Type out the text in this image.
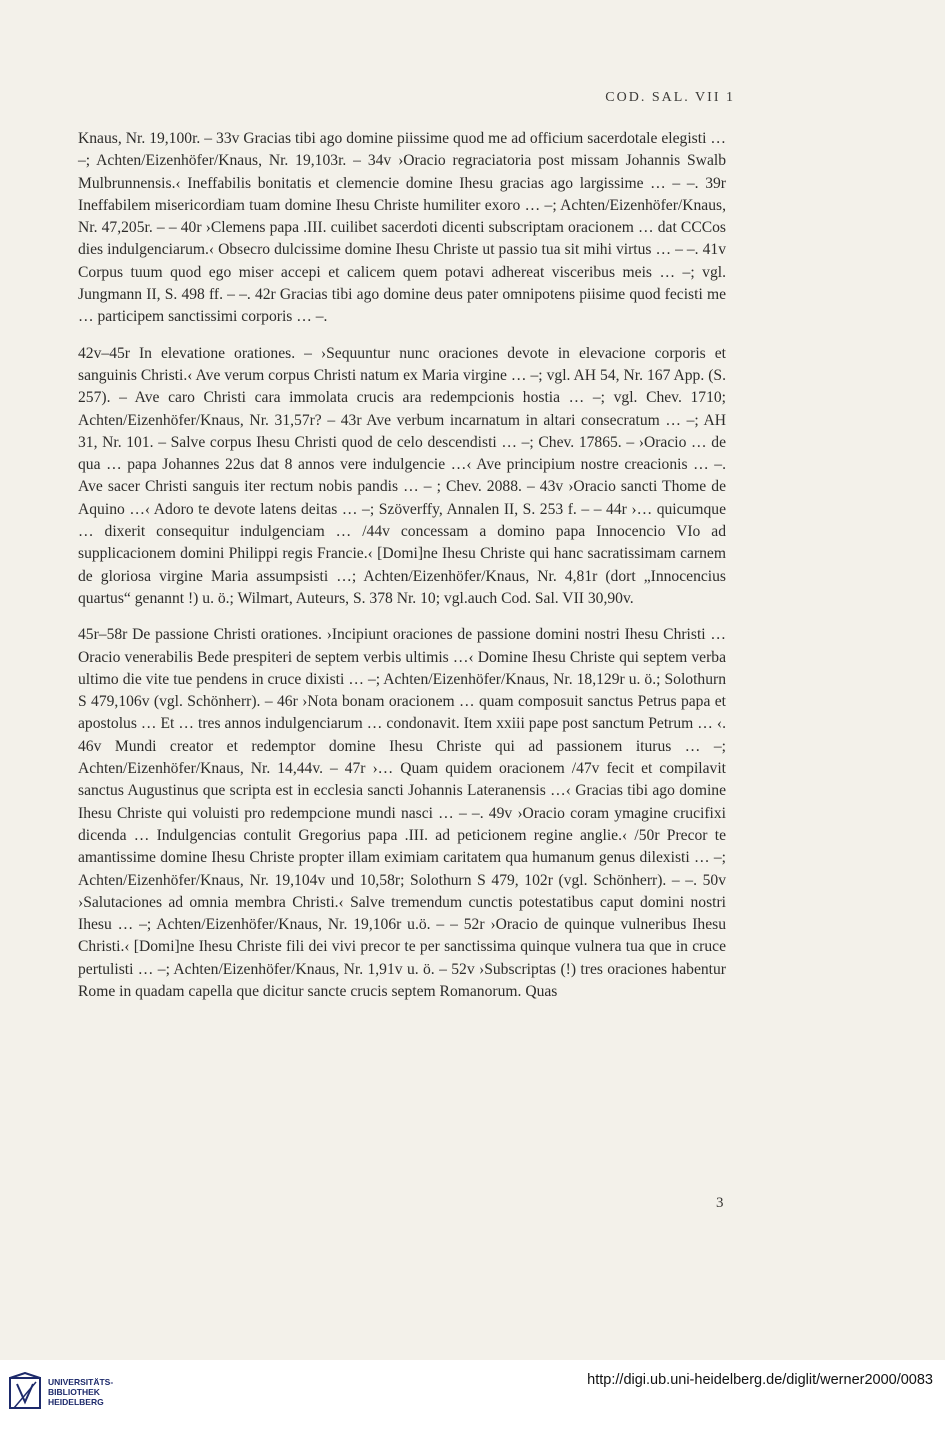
COD. SAL. VII 1

Knaus, Nr. 19,100r. – 33v Gracias tibi ago domine piissime quod me ad officium sacerdotale elegisti … –; Achten/Eizenhöfer/Knaus, Nr. 19,103r. – 34v ›Oracio regraciatoria post missam Johannis Swalb Mulbrunnensis.‹ Ineffabilis bonitatis et clemencie domine Ihesu gracias ago largissime … – –. 39r Ineffabilem misericordiam tuam domine Ihesu Christe humiliter exoro … –; Achten/Eizenhöfer/Knaus, Nr. 47,205r. – – 40r ›Clemens papa .III. cuilibet sacerdoti dicenti subscriptam oracionem … dat CCCos dies indulgenciarum.‹ Obsecro dulcissime domine Ihesu Christe ut passio tua sit mihi virtus … – –. 41v Corpus tuum quod ego miser accepi et calicem quem potavi adhereat visceribus meis … –; vgl. Jungmann II, S. 498 ff. – –. 42r Gracias tibi ago domine deus pater omnipotens piisime quod fecisti me … participem sanctissimi corporis … –.

42v–45r In elevatione orationes. – ›Sequuntur nunc oraciones devote in elevacione corporis et sanguinis Christi.‹ Ave verum corpus Christi natum ex Maria virgine … –; vgl. AH 54, Nr. 167 App. (S. 257). – Ave caro Christi cara immolata crucis ara redempcionis hostia … –; vgl. Chev. 1710; Achten/Eizenhöfer/Knaus, Nr. 31,57r? – 43r Ave verbum incarnatum in altari consecratum … –; AH 31, Nr. 101. – Salve corpus Ihesu Christi quod de celo descendisti … –; Chev. 17865. – ›Oracio … de qua … papa Johannes 22us dat 8 annos vere indulgencie …‹ Ave principium nostre creacionis … –. Ave sacer Christi sanguis iter rectum nobis pandis … – ; Chev. 2088. – 43v ›Oracio sancti Thome de Aquino …‹ Adoro te devote latens deitas … –; Szöverffy, Annalen II, S. 253 f. – – 44r ›… quicumque … dixerit consequitur indulgenciam … /44v concessam a domino papa Innocencio VIo ad supplicacionem domini Philippi regis Francie.‹ [Domi]ne Ihesu Christe qui hanc sacratissimam carnem de gloriosa virgine Maria assumpsisti …; Achten/Eizenhöfer/Knaus, Nr. 4,81r (dort „Innocencius quartus“ genannt !) u. ö.; Wilmart, Auteurs, S. 378 Nr. 10; vgl.auch Cod. Sal. VII 30,90v.

45r–58r De passione Christi orationes. ›Incipiunt oraciones de passione domini nostri Ihesu Christi … Oracio venerabilis Bede prespiteri de septem verbis ultimis …‹ Domine Ihesu Christe qui septem verba ultimo die vite tue pendens in cruce dixisti … –; Achten/Eizenhöfer/Knaus, Nr. 18,129r u. ö.; Solothurn S 479,106v (vgl. Schönherr). – 46r ›Nota bonam oracionem … quam composuit sanctus Petrus papa et apostolus … Et … tres annos indulgenciarum … condonavit. Item xxiii pape post sanctum Petrum … ‹. 46v Mundi creator et redemptor domine Ihesu Christe qui ad passionem iturus … –; Achten/Eizenhöfer/Knaus, Nr. 14,44v. – 47r ›… Quam quidem oracionem /47v fecit et compilavit sanctus Augustinus que scripta est in ecclesia sancti Johannis Lateranensis …‹ Gracias tibi ago domine Ihesu Christe qui voluisti pro redempcione mundi nasci … – –. 49v ›Oracio coram ymagine crucifixi dicenda … Indulgencias contulit Gregorius papa .III. ad peticionem regine anglie.‹ /50r Precor te amantissime domine Ihesu Christe propter illam eximiam caritatem qua humanum genus dilexisti … –; Achten/Eizenhöfer/Knaus, Nr. 19,104v und 10,58r; Solothurn S 479, 102r (vgl. Schönherr). – –. 50v ›Salutaciones ad omnia membra Christi.‹ Salve tremendum cunctis potestatibus caput domini nostri Ihesu … –; Achten/Eizenhöfer/Knaus, Nr. 19,106r u.ö. – – 52r ›Oracio de quinque vulneribus Ihesu Christi.‹ [Domi]ne Ihesu Christe fili dei vivi precor te per sanctissima quinque vulnera tua que in cruce pertulisti … –; Achten/Eizenhöfer/Knaus, Nr. 1,91v u. ö. – 52v ›Subscriptas (!) tres oraciones habentur Rome in quadam capella que dicitur sancte crucis septem Romanorum. Quas

3
UNIVERSITÄTS-
BIBLIOTHEK
HEIDELBERG
http://digi.ub.uni-heidelberg.de/diglit/werner2000/0083
